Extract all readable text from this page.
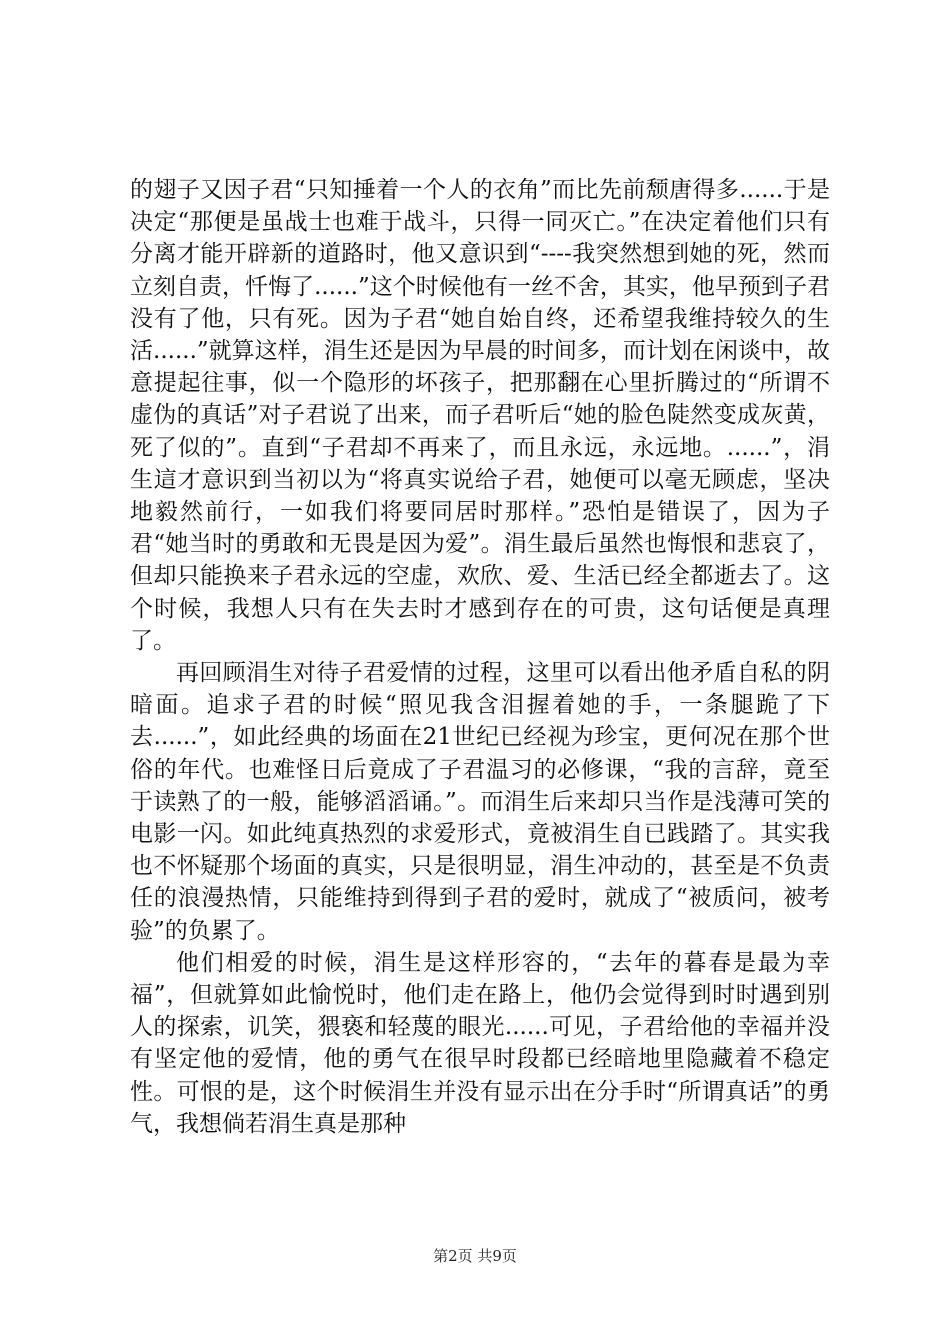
的翅子又因子君“只知捶着一个人的衣角”而比先前颓唐得多......于是决定“那便是虽战士也难于战斗，只得一同灭亡。”在决定着他们只有分离才能开辟新的道路时，他又意识到“----我突然想到她的死，然而立刻自责，忏悔了......”这个时候他有一丝不舍，其实，他早预到子君没有了他，只有死。因为子君“她自始自终，还希望我维持较久的生活......”就算这样，涓生还是因为早晨的时间多，而计划在闲谈中，故意提起往事，似一个隐形的坏孩子，把那翻在心里折腾过的“所谓不虚伪的真话”对子君说了出来，而子君听后“她的脸色陡然变成灰黄，死了似的”。直到“子君却不再来了，而且永远，永远地。......”，涓生這才意识到当初以为“将真实说给子君，她便可以毫无顾虑，坚决地毅然前行，一如我们将要同居时那样。”恐怕是错误了，因为子君“她当时的勇敢和无畏是因为爱”。涓生最后虽然也悔恨和悲哀了，但却只能换来子君永远的空虚，欢欣、爱、生活已经全都逝去了。这个时候，我想人只有在失去时才感到存在的可贵，这句话便是真理了。

再回顾涓生对待子君爱情的过程，这里可以看出他矛盾自私的阴暗面。追求子君的时候“照见我含泪握着她的手，一条腿跪了下去......”，如此经典的场面在21世纪已经视为珍宝，更何况在那个世俗的年代。也难怪日后竟成了子君温习的必修课，“我的言辞，竟至于读熟了的一般，能够滔滔诵。”。而涓生后来却只当作是浅薄可笑的电影一闪。如此纯真热烈的求爱形式，竟被涓生自已践踏了。其实我也不怀疑那个场面的真实，只是很明显，涓生冲动的，甚至是不负责任的浪漫热情，只能维持到得到子君的爱时，就成了“被质问，被考验”的负累了。

他们相爱的时候，涓生是这样形容的，“去年的暮春是最为幸福”，但就算如此愉悦时，他们走在路上，他仍会觉得到时时遇到别人的探索，讥笑，猥亵和轻蔑的眼光......可见，子君给他的幸福并没有坚定他的爱情，他的勇气在很早时段都已经暗地里隐藏着不稳定性。可恨的是，这个时候涓生并没有显示出在分手时“所谓真话”的勇气，我想倘若涓生真是那种

第2页 共9页
